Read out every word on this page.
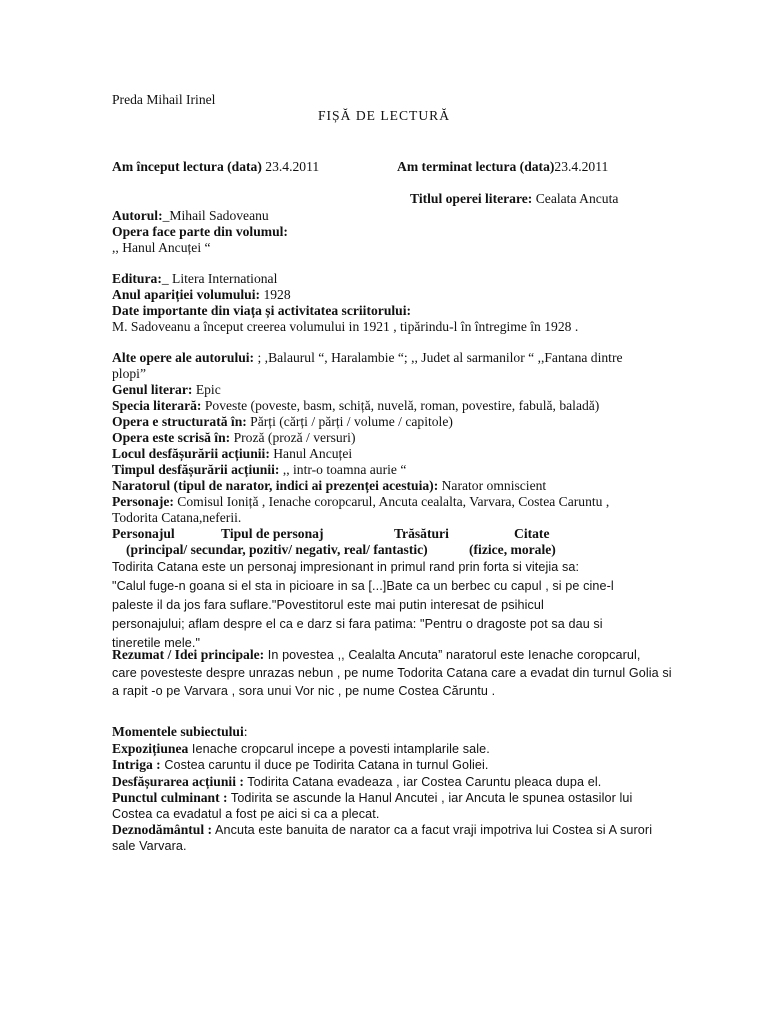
Preda Mihail Irinel

FIȘĂ DE LECTURĂ

Am început lectura (data) 23.4.2011	Am terminat lectura (data)23.4.2011

Titlul operei literare: Cealata Ancuta

Autorul:_Mihail Sadoveanu

Opera face parte din volumul:

,, Hanul Ancuței “

Editura:_ Litera International

Anul apariției volumului: 1928

Date importante din viața și activitatea scriitorului:

M. Sadoveanu a început creerea volumului in 1921 , tipărindu-l în întregime în 1928 .

Alte opere ale autorului: ; ,Balaurul “, Haralambie “; ,, Judet al sarmanilor “ ,,Fantana dintre

plopi”

Genul literar: Epic

Specia literară: Poveste (poveste, basm, schiță, nuvelă, roman, povestire, fabulă, baladă)

Opera e structurată în: Părți (cărți / părți / volume / capitole)

Opera este scrisă în: Proză (proză / versuri)

Locul desfășurării acțiunii: Hanul Ancuței

Timpul desfășurării acțiunii: ,, intr-o toamna aurie “

Naratorul (tipul de narator, indici ai prezenței acestuia): Narator omniscient

Personaje: Comisul Ioniță , Ienache coropcarul, Ancuta cealalta, Varvara, Costea Caruntu ,

Todorita Catana,neferii.

Personajul	Tipul de personaj	Trăsături	Citate

(principal/ secundar, pozitiv/ negativ, real/ fantastic)	(fizice, morale)

Todirita Catana este un personaj impresionant in primul rand prin forta si vitejia sa:

"Calul fuge-n goana si el sta in picioare in sa [...]Bate ca un berbec cu capul , si pe cine-l

paleste il da jos fara suflare."Povestitorul este mai putin interesat de psihicul

personajului; aflam despre el ca e darz si fara patima: "Pentru o dragoste pot sa dau si

tineretile mele."

Rezumat / Idei principale: In povestea ,, Cealalta Ancuta” naratorul este Ienache coropcarul,

care povesteste despre unrazas nebun , pe nume Todorita Catana care a evadat din turnul Golia si

a rapit -o pe Varvara , sora unui Vor nic , pe nume Costea Căruntu .

Momentele subiectului:

Expozițiunea Ienache cropcarul incepe a povesti intamplarile sale.

Intriga : Costea caruntu il duce pe Todirita Catana in turnul Goliei.

Desfășurarea acțiunii : Todirita Catana evadeaza , iar Costea Caruntu pleaca dupa el.

Punctul culminant : Todirita se ascunde la Hanul Ancutei , iar Ancuta le spunea ostasilor lui

Costea ca evadatul a fost pe aici si ca a plecat.

Deznodământul : Ancuta este banuita de narator ca a facut vraji impotriva lui Costea si A surori

sale Varvara.
